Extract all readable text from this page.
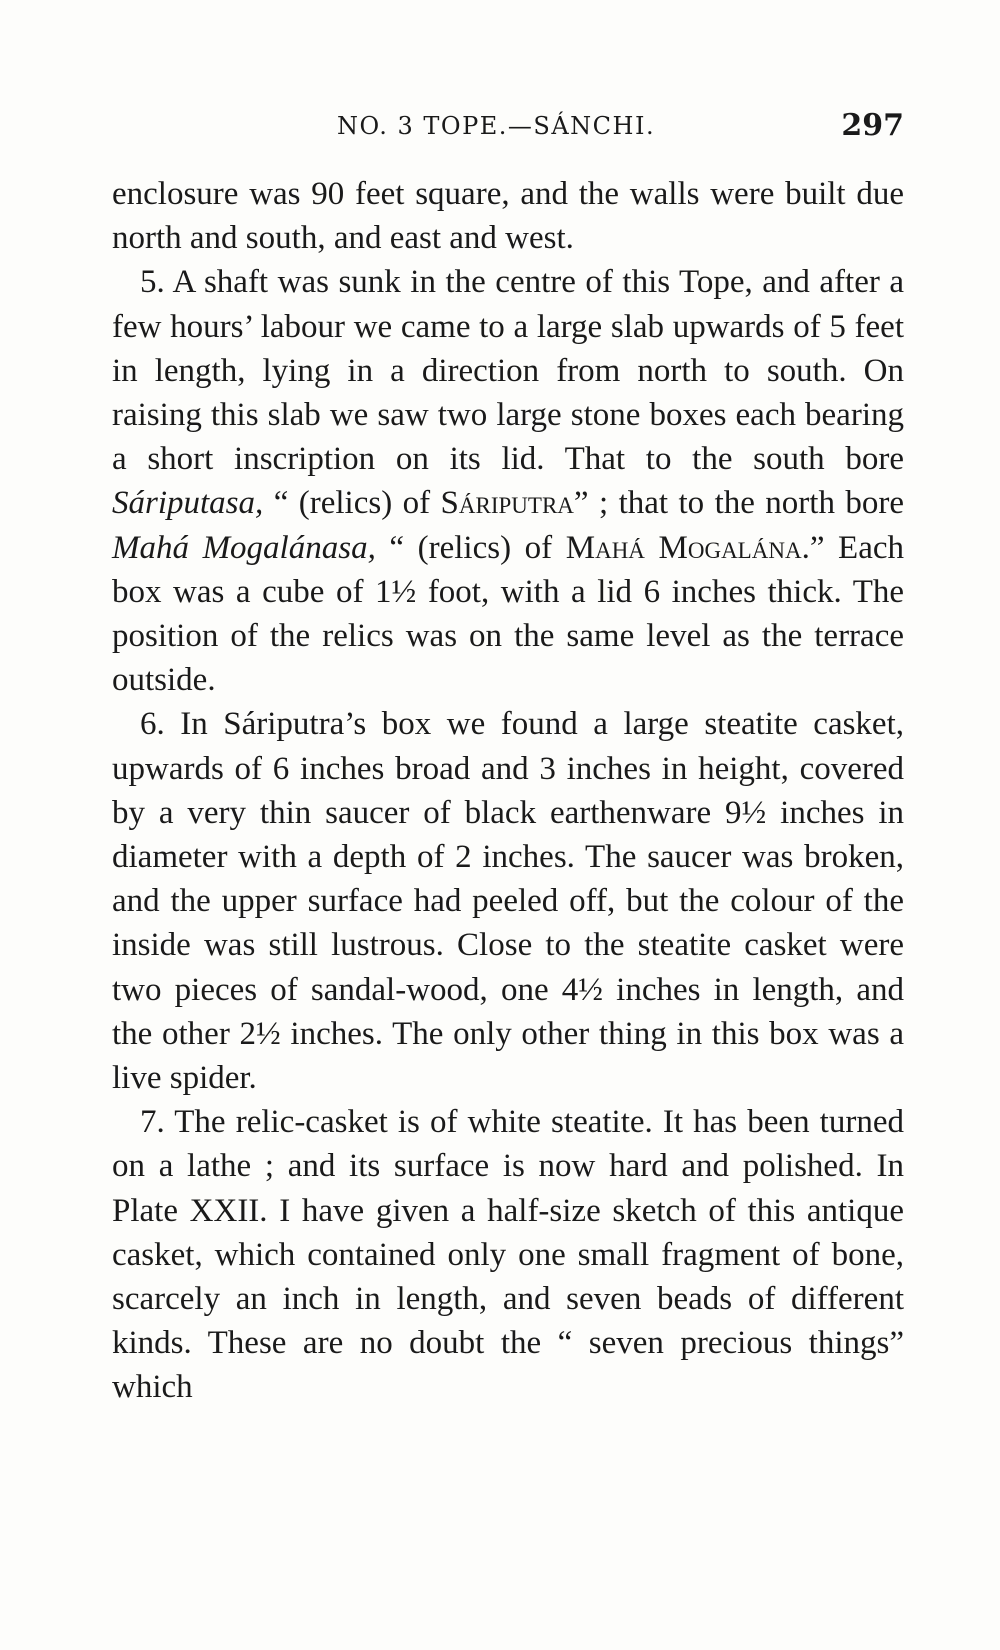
NO. 3 TOPE.—SÁNCHI.	297

enclosure was 90 feet square, and the walls were built due north and south, and east and west.

5. A shaft was sunk in the centre of this Tope, and after a few hours’ labour we came to a large slab upwards of 5 feet in length, lying in a direction from north to south. On raising this slab we saw two large stone boxes each bearing a short inscription on its lid. That to the south bore Sáriputasa, “ (relics) of Sáriputra” ; that to the north bore Mahá Mogalánasa, “ (relics) of Mahá Mogalána.” Each box was a cube of 1½ foot, with a lid 6 inches thick. The position of the relics was on the same level as the terrace outside.

6. In Sáriputra’s box we found a large steatite casket, upwards of 6 inches broad and 3 inches in height, covered by a very thin saucer of black earthenware 9½ inches in diameter with a depth of 2 inches. The saucer was broken, and the upper surface had peeled off, but the colour of the inside was still lustrous. Close to the steatite casket were two pieces of sandal-wood, one 4½ inches in length, and the other 2½ inches. The only other thing in this box was a live spider.

7. The relic-casket is of white steatite. It has been turned on a lathe ; and its surface is now hard and polished. In Plate XXII. I have given a half-size sketch of this antique casket, which contained only one small fragment of bone, scarcely an inch in length, and seven beads of different kinds. These are no doubt the “ seven precious things” which
